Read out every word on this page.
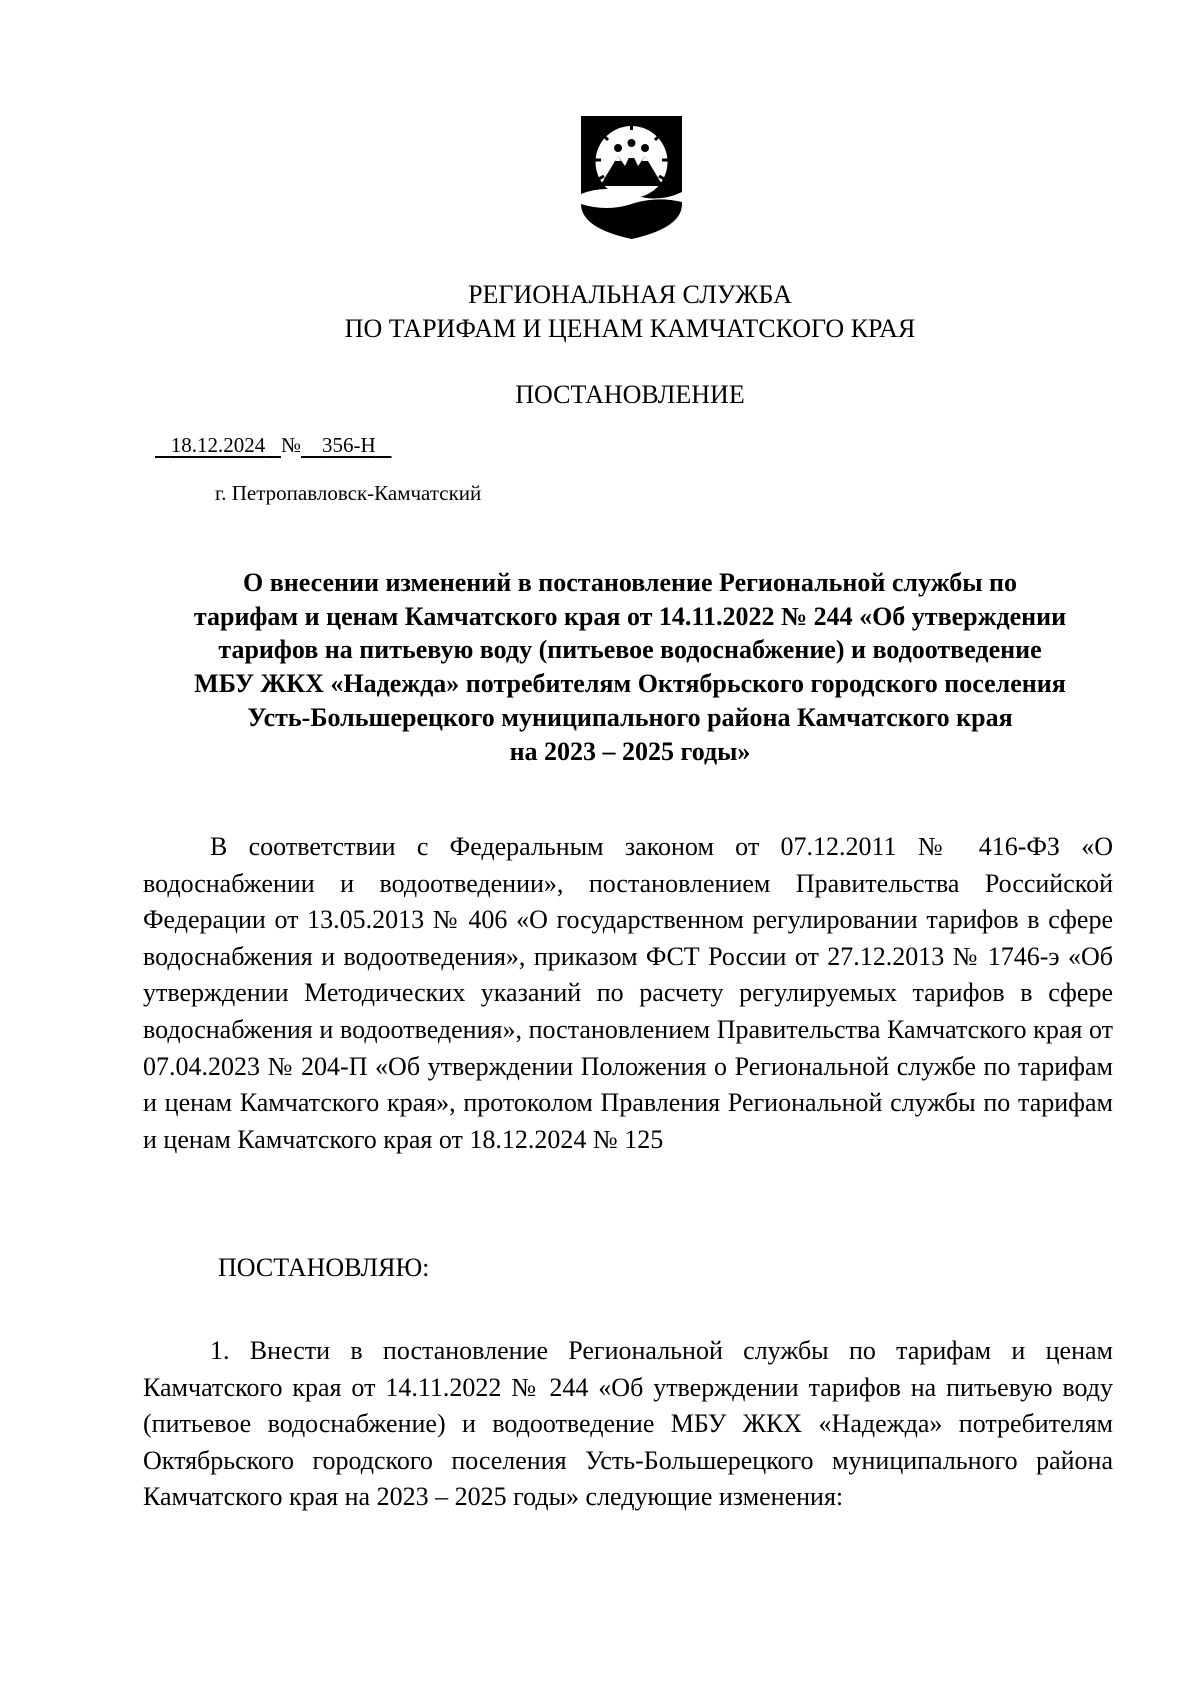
РЕГИОНАЛЬНАЯ СЛУЖБА
ПО ТАРИФАМ И ЦЕНАМ КАМЧАТСКОГО КРАЯ
ПОСТАНОВЛЕНИЕ
18.12.2024 № 356-Н
г. Петропавловск-Камчатский
О внесении изменений в постановление Региональной службы по
тарифам и ценам Камчатского края от 14.11.2022 № 244 «Об утверждении
тарифов на питьевую воду (питьевое водоснабжение) и водоотведение
МБУ ЖКХ «Надежда» потребителям Октябрьского городского поселения
Усть-Большерецкого муниципального района Камчатского края
на 2023 – 2025 годы»
В соответствии с Федеральным законом от 07.12.2011 № 416-ФЗ «О водоснабжении и водоотведении», постановлением Правительства Российской Федерации от 13.05.2013 № 406 «О государственном регулировании тарифов в сфере водоснабжения и водоотведения», приказом ФСТ России от 27.12.2013 № 1746-э «Об утверждении Методических указаний по расчету регулируемых тарифов в сфере водоснабжения и водоотведения», постановлением Правительства Камчатского края от 07.04.2023 № 204-П «Об утверждении Положения о Региональной службе по тарифам и ценам Камчатского края», протоколом Правления Региональной службы по тарифам и ценам Камчатского края от 18.12.2024 № 125
ПОСТАНОВЛЯЮ:
1. Внести в постановление Региональной службы по тарифам и ценам Камчатского края от 14.11.2022 № 244 «Об утверждении тарифов на питьевую воду (питьевое водоснабжение) и водоотведение МБУ ЖКХ «Надежда» потребителям Октябрьского городского поселения Усть-Большерецкого муниципального района Камчатского края на 2023 – 2025 годы» следующие изменения:
